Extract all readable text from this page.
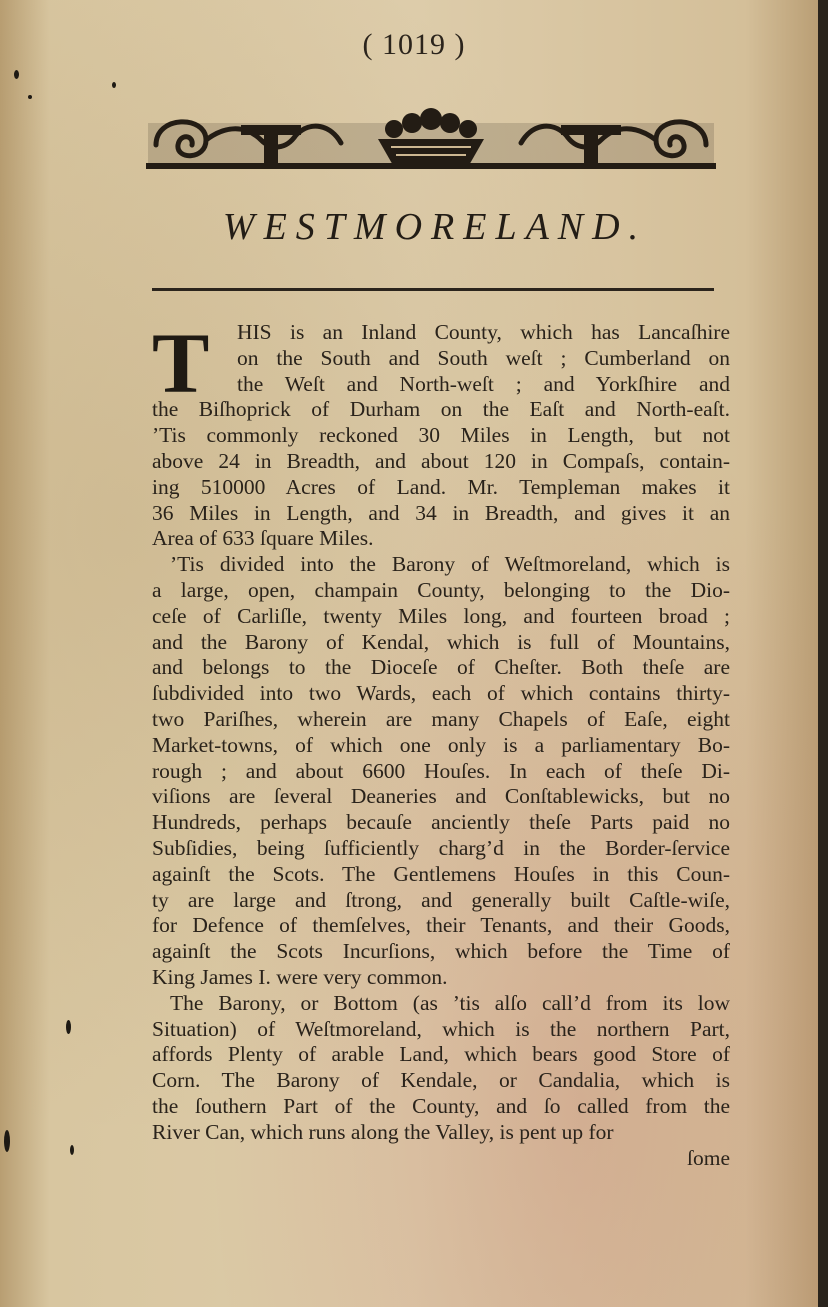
( 1019 )
WESTMORELAND.
T	HIS is an Inland County, which has Lancaſhire
on the South and South weſt ; Cumberland on
the Weſt and North-weſt ; and Yorkſhire and
the Biſhoprick of Durham on the Eaſt and North-eaſt.
’Tis commonly reckoned 30 Miles in Length, but not
above 24 in Breadth, and about 120 in Compaſs, contain-
ing 510000 Acres of Land. Mr. Templeman makes it
36 Miles in Length, and 34 in Breadth, and gives it an
Area of 633 ſquare Miles.
’Tis divided into the Barony of Weſtmoreland, which is
a large, open, champain County, belonging to the Dio-
ceſe of Carliſle, twenty Miles long, and fourteen broad ;
and the Barony of Kendal, which is full of Mountains,
and belongs to the Dioceſe of Cheſter. Both theſe are
ſubdivided into two Wards, each of which contains thirty-
two Pariſhes, wherein are many Chapels of Eaſe, eight
Market-towns, of which one only is a parliamentary Bo-
rough ; and about 6600 Houſes. In each of theſe Di-
viſions are ſeveral Deaneries and Conſtablewicks, but no
Hundreds, perhaps becauſe anciently theſe Parts paid no
Subſidies, being ſufficiently charg’d in the Border-ſervice
againſt the Scots. The Gentlemens Houſes in this Coun-
ty are large and ſtrong, and generally built Caſtle-wiſe,
for Defence of themſelves, their Tenants, and their Goods,
againſt the Scots Incurſions, which before the Time of
King James I. were very common.
The Barony, or Bottom (as ’tis alſo call’d from its low
Situation) of Weſtmoreland, which is the northern Part,
affords Plenty of arable Land, which bears good Store of
Corn. The Barony of Kendale, or Candalia, which is
the ſouthern Part of the County, and ſo called from the
River Can, which runs along the Valley, is pent up for
ſome
